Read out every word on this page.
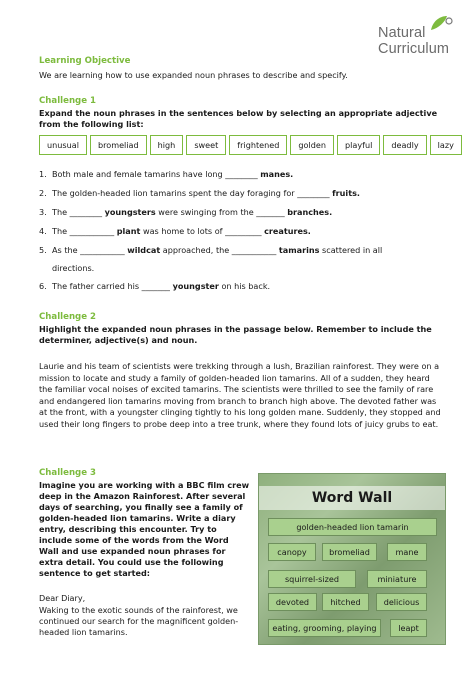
Natural
Curriculum
Learning Objective
We are learning how to use expanded noun phrases to describe and specify.
Challenge 1
Expand the noun phrases in the sentences below by selecting an appropriate adjective from the following list:
unusual	bromeliad	high	sweet	frightened	golden	playful	deadly	lazy
1. Both male and female tamarins have long ________ manes.
2. The golden-headed lion tamarins spent the day foraging for ________ fruits.
3. The ________ youngsters were swinging from the _______ branches.
4. The ___________ plant was home to lots of _________ creatures.
5. As the ___________ wildcat approached, the ___________ tamarins scattered in all
directions.
6. The father carried his _______ youngster on his back.
Challenge 2
Highlight the expanded noun phrases in the passage below. Remember to include the determiner, adjective(s) and noun.
Laurie and his team of scientists were trekking through a lush, Brazilian rainforest. They were on a mission to locate and study a family of golden-headed lion tamarins. All of a sudden, they heard the familiar vocal noises of excited tamarins. The scientists were thrilled to see the family of rare and endangered lion tamarins moving from branch to branch high above. The devoted father was at the front, with a youngster clinging tightly to his long golden mane. Suddenly, they stopped and used their long fingers to probe deep into a tree trunk, where they found lots of juicy grubs to eat.
Challenge 3
Imagine you are working with a BBC film crew deep in the Amazon Rainforest. After several days of searching, you finally see a family of golden-headed lion tamarins. Write a diary entry, describing this encounter. Try to include some of the words from the Word Wall and use expanded noun phrases for extra detail. You could use the following sentence to get started:
Dear Diary,
Waking to the exotic sounds of the rainforest, we continued our search for the magnificent golden-headed lion tamarins.
Word Wall
golden-headed lion tamarin
canopy	bromeliad	mane
squirrel-sized	miniature
devoted	hitched	delicious
eating, grooming, playing	leapt
